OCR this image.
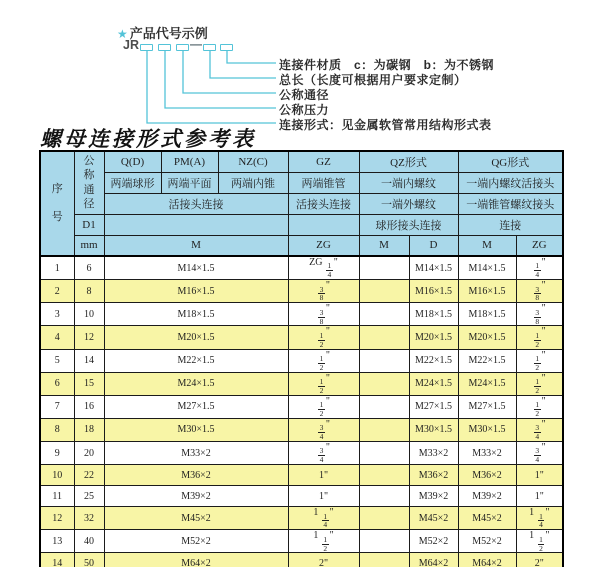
★ 产品代号示例
JR	—
连接件材质　c：为碳钢　b：为不锈钢
总长（长度可根据用户要求定制）
公称通径
公称压力
连接形式：见金属软管常用结构形式表
螺母连接形式参考表
序号	公称通径	Q(D)	PM(A)	NZ(C)	GZ	QZ形式		QG形式	
		两端球形	两端平面	两端内锥	两端锥管	一端内螺纹		一端内螺纹活接头	
		活接头连接			活接头连接	一端外螺纹		一端锥管螺纹接头	
	D1					球形接头连接		连接	
	mm	M			ZG	M	D	M	ZG
1	6	M14×1.5			ZG $\frac{1}{4}$ "		M14×1.5	M14×1.5	$\frac{1}{4}$ "
2	8	M16×1.5			$\frac{3}{8}$ "		M16×1.5	M16×1.5	$\frac{3}{8}$ "
3	10	M18×1.5			$\frac{3}{8}$ "		M18×1.5	M18×1.5	$\frac{3}{8}$ "
4	12	M20×1.5			$\frac{1}{2}$ "		M20×1.5	M20×1.5	$\frac{1}{2}$ "
5	14	M22×1.5			$\frac{1}{2}$ "		M22×1.5	M22×1.5	$\frac{1}{2}$ "
6	15	M24×1.5			$\frac{1}{2}$ "		M24×1.5	M24×1.5	$\frac{1}{2}$ "
7	16	M27×1.5			$\frac{1}{2}$ "		M27×1.5	M27×1.5	$\frac{1}{2}$ "
8	18	M30×1.5			$\frac{3}{4}$ "		M30×1.5	M30×1.5	$\frac{3}{4}$ "
9	20	M33×2			$\frac{3}{4}$ "		M33×2	M33×2	$\frac{3}{4}$ "
10	22	M36×2			1"		M36×2	M36×2	1"
11	25	M39×2			1"		M39×2	M39×2	1"
12	32	M45×2			$1 \frac{1}{4}$ "		M45×2	M45×2	$1 \frac{1}{4}$ "
13	40	M52×2			$1 \frac{1}{2}$ "		M52×2	M52×2	$1 \frac{1}{2}$ "
14	50	M64×2			2"		M64×2	M64×2	2"
